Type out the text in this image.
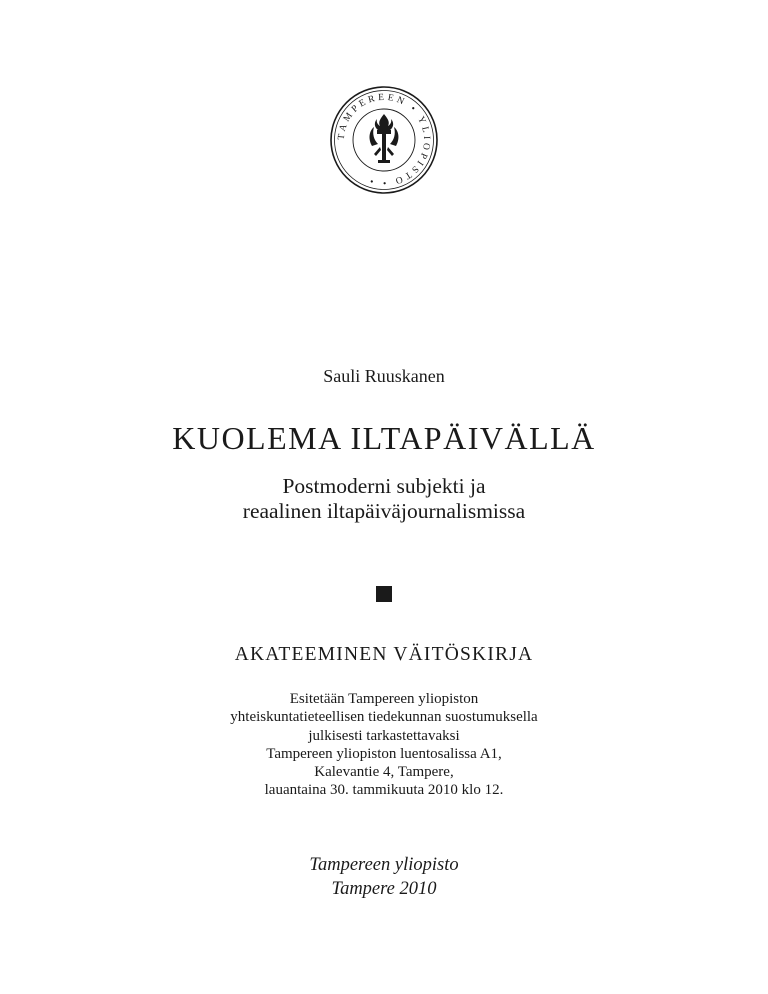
TAMPEREEN • YLIOPISTO • •
Sauli Ruuskanen
KUOLEMA ILTAPÄIVÄLLÄ
Postmoderni subjekti ja
reaalinen iltapäiväjournalismissa
AKATEEMINEN VÄITÖSKIRJA
Esitetään Tampereen yliopiston
yhteiskuntatieteellisen tiedekunnan suostumuksella
julkisesti tarkastettavaksi
Tampereen yliopiston luentosalissa A1,
Kalevantie 4, Tampere,
lauantaina 30. tammikuuta 2010 klo 12.
Tampereen yliopisto
Tampere 2010
